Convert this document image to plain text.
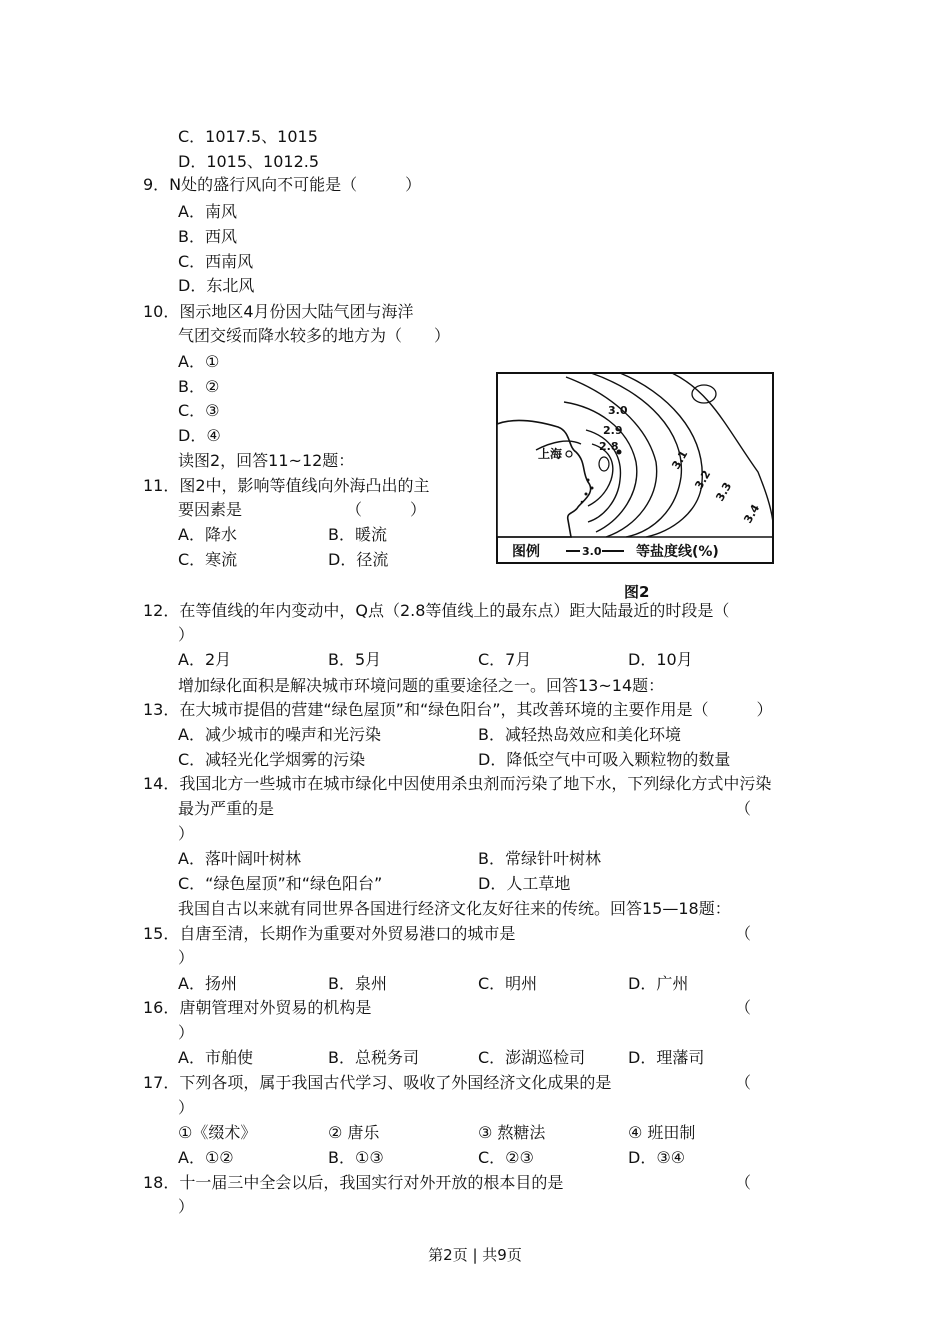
C．1017.5、1015
D．1015、1012.5
9．N处的盛行风向不可能是（　　　）
A．南风
B．西风
C．西南风
D．东北风
10．图示地区4月份因大陆气团与海洋
气团交绥而降水较多的地方为（　　）
A．①
B．②
C．③
D．④
读图2，回答11~12题：
11．图2中，影响等值线向外海凸出的主
要因素是　　　　　　　（　　　）
A．降水	B．暖流
C．寒流	D．径流
12．在等值线的年内变动中，Q点（2.8等值线上的最东点）距大陆最近的时段是（
）
A．2月	B．5月	C．7月	D．10月
增加绿化面积是解决城市环境问题的重要途径之一。回答13~14题：
13．在大城市提倡的营建“绿色屋顶”和“绿色阳台”，其改善环境的主要作用是（　　　）
A．减少城市的噪声和光污染	B．减轻热岛效应和美化环境
C．减轻光化学烟雾的污染	D．降低空气中可吸入颗粒物的数量
14．我国北方一些城市在城市绿化中因使用杀虫剂而污染了地下水，下列绿化方式中污染
最为严重的是	（
）
A．落叶阔叶树林	B．常绿针叶树林
C．“绿色屋顶”和“绿色阳台”	D．人工草地
我国自古以来就有同世界各国进行经济文化友好往来的传统。回答15—18题：
15．自唐至清，长期作为重要对外贸易港口的城市是	（
）
A．扬州	B．泉州	C．明州	D．广州
16．唐朝管理对外贸易的机构是	（
）
A．市舶使	B．总税务司	C．澎湖巡检司	D．理藩司
17．下列各项，属于我国古代学习、吸收了外国经济文化成果的是	（
）
①《缀术》	② 唐乐	③ 熬糖法	④ 班田制
A．①②	B．①③	C．②③	D．③④
18．十一届三中全会以后，我国实行对外开放的根本目的是	（
）
上海
3.0
2.9
2.8
3.1
3.2
3.3
3.4
图例	3.0 等盐度线(%)
图2
第2页 | 共9页
